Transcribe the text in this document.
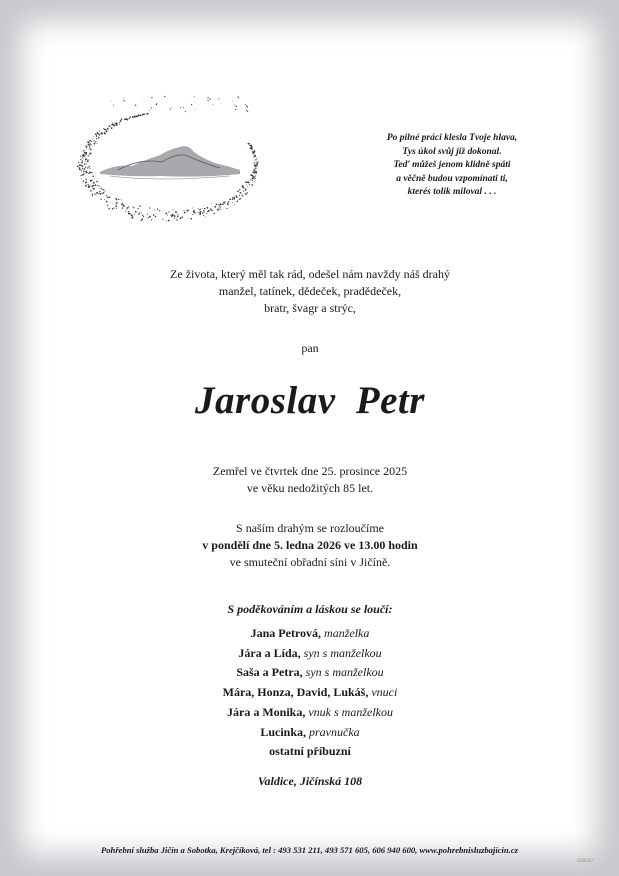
Po pilné práci klesla Tvoje hlava,
Tys úkol svůj již dokonal.
Teď můžeš jenom klidně spáti
a věčně budou vzpomínati ti,
kterés tolik miloval . . .
Ze života, který měl tak rád, odešel nám navždy náš drahý
manžel, tatínek, dědeček, pradědeček,
bratr, švagr a strýc,
pan
Jaroslav Petr
Zemřel ve čtvrtek dne 25. prosince 2025
ve věku nedožitých 85 let.
S naším drahým se rozloučíme
v pondělí dne 5. ledna 2026 ve 13.00 hodin
ve smuteční obřadní síni v Jičíně.
S poděkováním a láskou se loučí:
Jana Petrová, manželka
Jára a Lída, syn s manželkou
Saša a Petra, syn s manželkou
Mára, Honza, David, Lukáš, vnuci
Jára a Monika, vnuk s manželkou
Lucinka, pravnučka
ostatní příbuzní
Valdice, Jičínská 108
Pohřební služba Jičín a Sobotka, Krejčíková, tel : 493 531 211, 493 571 605, 606 940 600, www.pohrebnisluzbajicin.cz
01BC07
